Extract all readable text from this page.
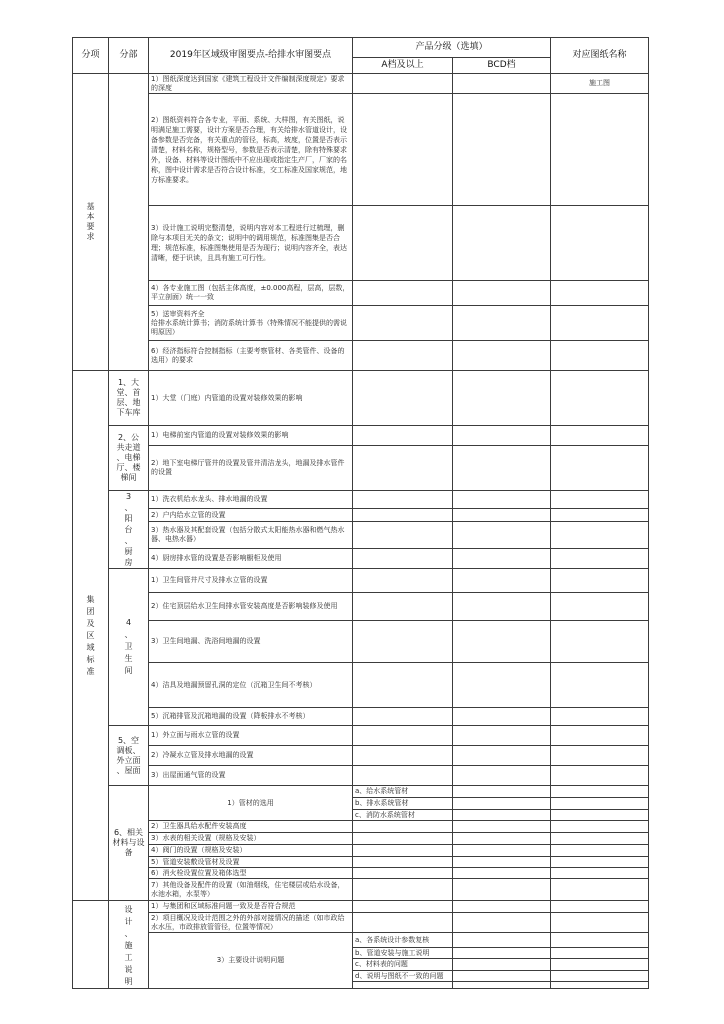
分项	分部	2019年区域级审图要点-给排水审图要点	产品分级（选填）		对应图纸名称
			A档及以上	BCD档	

基本要求		1）图纸深度达到国家《建筑工程设计文件编制深度规定》要求的深度			施工图
		2）图纸资料符合各专业，平面、系统、大样图，有关图纸，说明满足施工需要，设计方案是否合理，有关给排水管道设计，设备参数是否完备，有关重点的管径，标高，坡度，位置是否表示清楚，材料名称，规格型号，参数是否表示清楚，除有特殊要求外，设备、材料等设计图纸中不应出现或指定生产厂，厂家的名称，图中设计需求是否符合设计标准，交工标准及国家规范，地方标准要求。			
		3）设计施工说明完整清楚，说明内容对本工程进行过梳理，删除与本项目无关的条文；说明中的调用规范，标准图集是否合理；规范标准，标准图集使用是否为现行；说明内容齐全，表达清晰，便于识读，且具有施工可行性。			
		4）各专业施工图（包括主体高度，±0.000高程，层高，层数，平立剖面）统一一致			
		5）送审资料齐全
给排水系统计算书；消防系统计算书（特殊情况不能提供的需说明原因）			
		6）经济指标符合控制指标（主要考察管材、各类管件、设备的选用）的要求			

集团及区域标准	1、大堂、首层、地下车库	1）大堂（门庭）内管道的设置对装修效果的影响			

	2、公共走道、电梯厅、楼梯间	1）电梯前室内管道的设置对装修效果的影响			
		2）地下室电梯厅管井的设置及管井清洁龙头，地漏及排水管件的设置			

	3、阳台、厨房	1）洗衣机给水龙头、排水地漏的设置			
		2）户内给水立管的设置			
		3）热水器及其配套设置（包括分散式太阳能热水器和燃气热水器、电热水器）			
		4）厨房排水管的设置是否影响橱柜及使用			

	4、卫生间	1）卫生间管井尺寸及排水立管的设置			
		2）住宅顶层给水卫生间排水管安装高度是否影响装修及使用			
		3）卫生间地漏、洗浴间地漏的设置			
		4）洁具及地漏预留孔洞的定位（沉箱卫生间不考核）			
		5）沉箱排管及沉箱地漏的设置（降板排水不考核）			

	5、空调板、外立面、屋面	1）外立面与雨水立管的设置			
		2）冷凝水立管及排水地漏的设置			
		3）出屋面通气管的设置			

	6、相关材料与设备	1）管材的选用	a、给水系统管材		
			b、排水系统管材		
			c、消防水系统管材		
		2）卫生器具给水配件安装高度			
		3）水表的相关设置（规格及安装）			
		4）阀门的设置（规格及安装）			
		5）管道安装敷设管材及设置			
		6）消火栓设置位置及箱体选型			
		7）其他设备及配件的设置（如油烟线，住宅楼层或给水设备，水池水箱，水泵等）			

	设计、施工说明	1）与集团和区域标准问题一致及是否符合规范			
		2）项目概况及设计范围之外的外部对接情况的描述（如市政给水水压，市政排放管管径，位置等情况）			
		3）主要设计说明问题	a、各系统设计参数复核		
			b、管道安装与施工说明		
			c、材料表的问题		
			d、说明与图纸不一致的问题		
